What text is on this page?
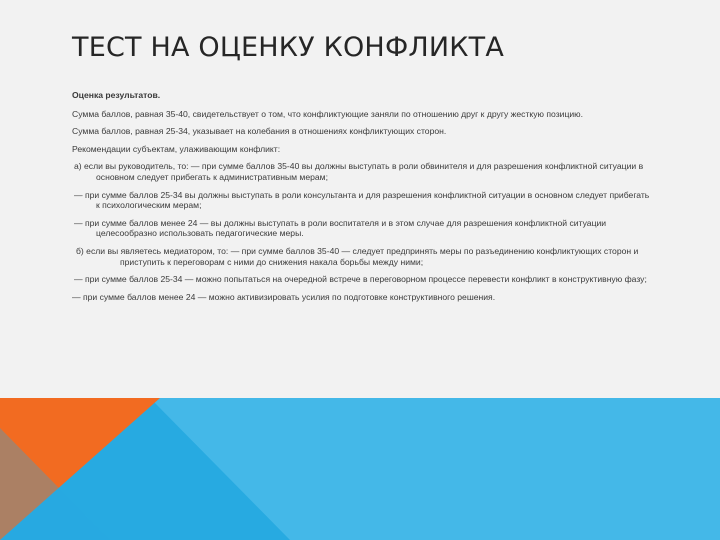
ТЕСТ НА ОЦЕНКУ КОНФЛИКТА

Оценка результатов.

Сумма баллов, равная 35-40, свидетельствует о том, что конфликтующие заняли по отношению друг к другу жесткую позицию.

Сумма баллов, равная 25-34, указывает на колебания в отношениях конфликтующих сторон.

Рекомендации субъектам, улаживающим конфликт:

а) если вы руководитель, то: — при сумме баллов 35-40 вы должны выступать в роли обвинителя и для разрешения конфликтной ситуации в основном следует прибегать к административным мерам;

— при сумме баллов 25-34 вы должны выступать в роли консультанта и для разрешения конфликтной ситуации в основном следует прибегать к психологическим мерам;

— при сумме баллов менее 24 — вы должны выступать в роли воспитателя и в этом случае для разрешения конфликтной ситуации целесообразно использовать педагогические меры.

б) если вы являетесь медиатором, то: — при сумме баллов 35-40 — следует предпринять меры по разъединению конфликтующих сторон и приступить к переговорам с ними до снижения накала борьбы между ними;

— при сумме баллов 25-34 — можно попытаться на очередной встрече в переговорном процессе перевести конфликт в конструктивную фазу;

— при сумме баллов менее 24 — можно активизировать усилия по подготовке конструктивного решения.
